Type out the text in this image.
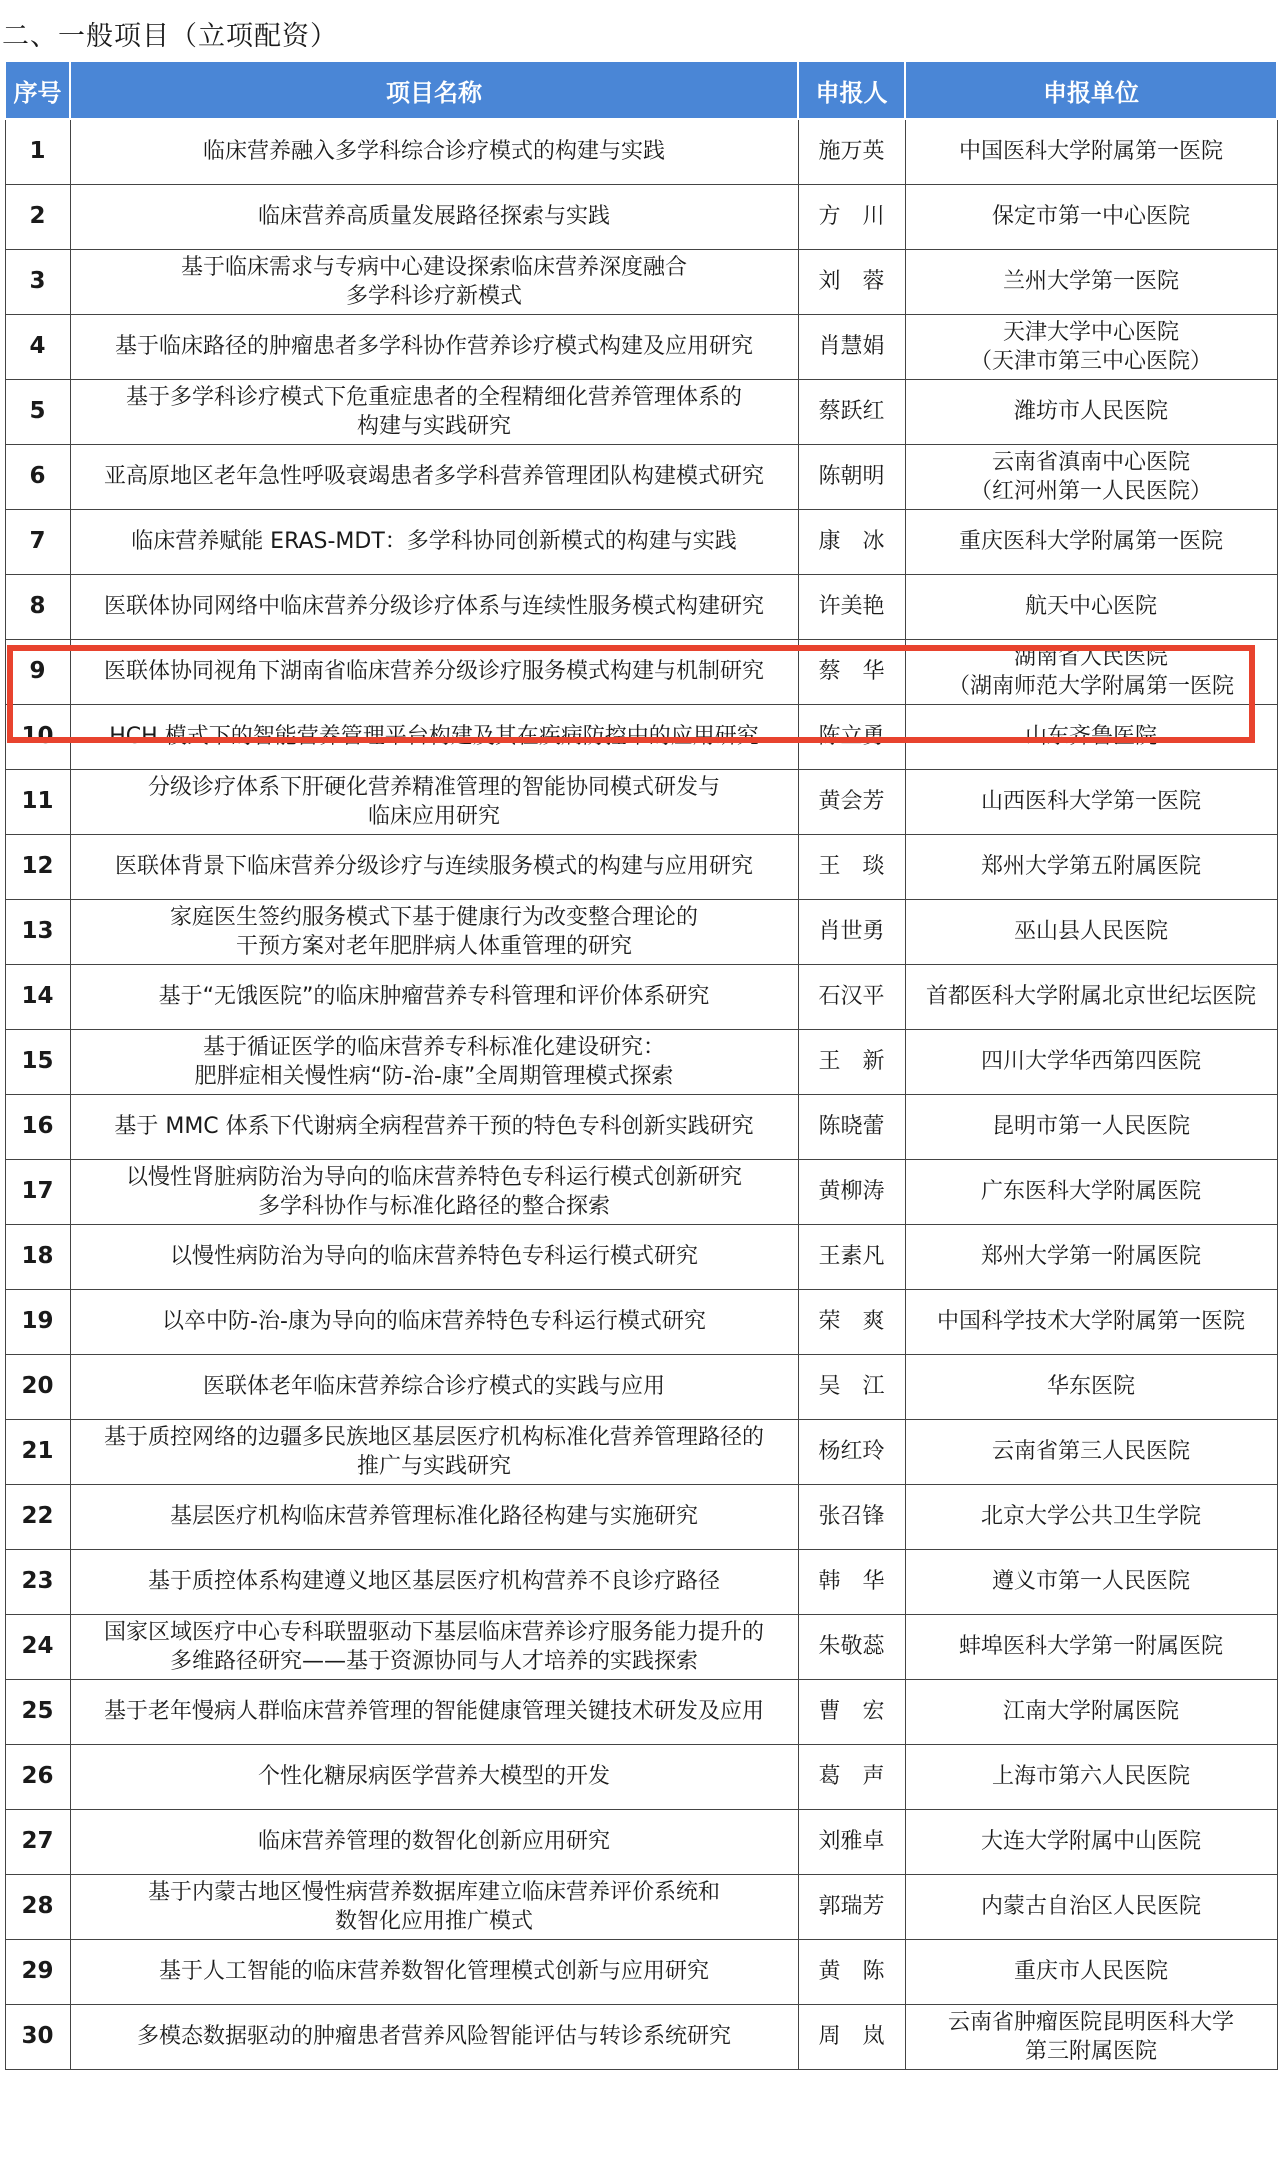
二、一般项目（立项配资）
序号	项目名称	申报人	申报单位
1	临床营养融入多学科综合诊疗模式的构建与实践	施万英	中国医科大学附属第一医院

2	临床营养高质量发展路径探索与实践	方　川	保定市第一中心医院

3	基于临床需求与专病中心建设探索临床营养深度融合
多学科诊疗新模式	刘　蓉	兰州大学第一医院

4	基于临床路径的肿瘤患者多学科协作营养诊疗模式构建及应用研究	肖慧娟	天津大学中心医院
（天津市第三中心医院）

5	基于多学科诊疗模式下危重症患者的全程精细化营养管理体系的
构建与实践研究	蔡跃红	潍坊市人民医院

6	亚高原地区老年急性呼吸衰竭患者多学科营养管理团队构建模式研究	陈朝明	云南省滇南中心医院
（红河州第一人民医院）

7	临床营养赋能 ERAS-MDT：多学科协同创新模式的构建与实践	康　冰	重庆医科大学附属第一医院

8	医联体协同网络中临床营养分级诊疗体系与连续性服务模式构建研究	许美艳	航天中心医院

9	医联体协同视角下湖南省临床营养分级诊疗服务模式构建与机制研究	蔡　华	湖南省人民医院
（湖南师范大学附属第一医院

10	HCH 模式下的智能营养管理平台构建及其在疾病防控中的应用研究	陈立勇	山东齐鲁医院

11	分级诊疗体系下肝硬化营养精准管理的智能协同模式研发与
临床应用研究	黄会芳	山西医科大学第一医院

12	医联体背景下临床营养分级诊疗与连续服务模式的构建与应用研究	王　琰	郑州大学第五附属医院

13	家庭医生签约服务模式下基于健康行为改变整合理论的
干预方案对老年肥胖病人体重管理的研究	肖世勇	巫山县人民医院

14	基于“无饿医院”的临床肿瘤营养专科管理和评价体系研究	石汉平	首都医科大学附属北京世纪坛医院

15	基于循证医学的临床营养专科标准化建设研究：
肥胖症相关慢性病“防-治-康”全周期管理模式探索	王　新	四川大学华西第四医院

16	基于 MMC 体系下代谢病全病程营养干预的特色专科创新实践研究	陈晓蕾	昆明市第一人民医院

17	以慢性肾脏病防治为导向的临床营养特色专科运行模式创新研究
多学科协作与标准化路径的整合探索	黄柳涛	广东医科大学附属医院

18	以慢性病防治为导向的临床营养特色专科运行模式研究	王素凡	郑州大学第一附属医院

19	以卒中防-治-康为导向的临床营养特色专科运行模式研究	荣　爽	中国科学技术大学附属第一医院

20	医联体老年临床营养综合诊疗模式的实践与应用	吴　江	华东医院

21	基于质控网络的边疆多民族地区基层医疗机构标准化营养管理路径的
推广与实践研究	杨红玲	云南省第三人民医院

22	基层医疗机构临床营养管理标准化路径构建与实施研究	张召锋	北京大学公共卫生学院

23	基于质控体系构建遵义地区基层医疗机构营养不良诊疗路径	韩　华	遵义市第一人民医院

24	国家区域医疗中心专科联盟驱动下基层临床营养诊疗服务能力提升的
多维路径研究——基于资源协同与人才培养的实践探索	朱敬蕊	蚌埠医科大学第一附属医院

25	基于老年慢病人群临床营养管理的智能健康管理关键技术研发及应用	曹　宏	江南大学附属医院

26	个性化糖尿病医学营养大模型的开发	葛　声	上海市第六人民医院

27	临床营养管理的数智化创新应用研究	刘雅卓	大连大学附属中山医院

28	基于内蒙古地区慢性病营养数据库建立临床营养评价系统和
数智化应用推广模式	郭瑞芳	内蒙古自治区人民医院

29	基于人工智能的临床营养数智化管理模式创新与应用研究	黄　陈	重庆市人民医院

30	多模态数据驱动的肿瘤患者营养风险智能评估与转诊系统研究	周　岚	云南省肿瘤医院昆明医科大学
第三附属医院
